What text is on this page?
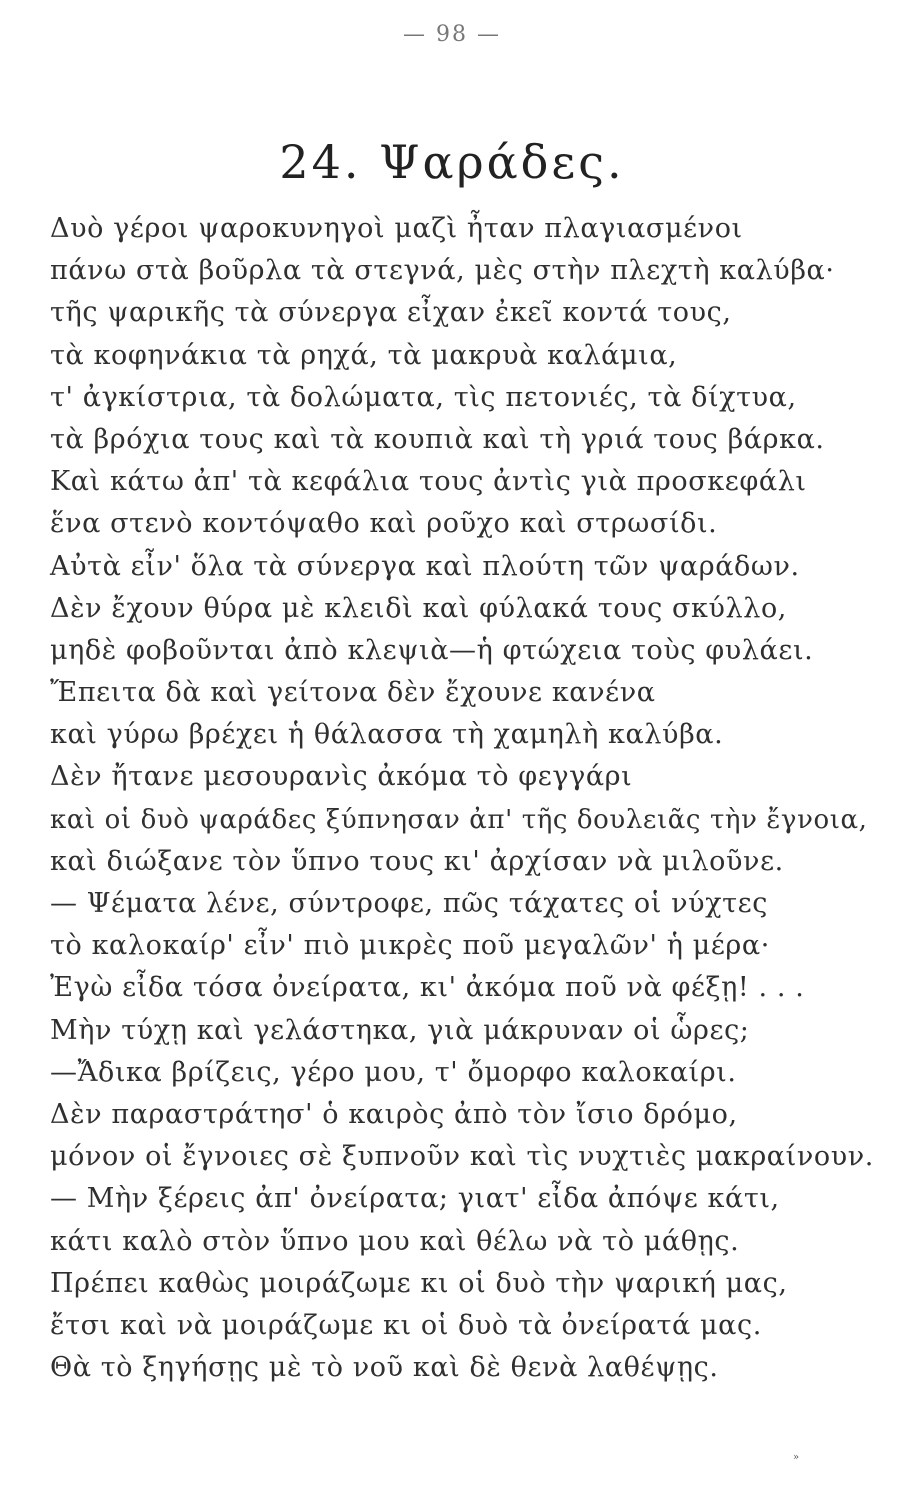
— 98 —
24. Ψαράδες.
Δυὸ γέροι ψαροκυνηγοὶ μαζὶ ἦταν πλαγιασμένοι
πάνω στὰ βοῦρλα τὰ στεγνά, μὲς στὴν πλεχτὴ καλύβα·
τῆς ψαρικῆς τὰ σύνεργα εἶχαν ἐκεῖ κοντά τους,
τὰ κοφηνάκια τὰ ρηχά, τὰ μακρυὰ καλάμια,
τ' ἀγκίστρια, τὰ δολώματα, τὶς πετονιές, τὰ δίχτυα,
τὰ βρόχια τους καὶ τὰ κουπιὰ καὶ τὴ γριά τους βάρκα.
Καὶ κάτω ἀπ' τὰ κεφάλια τους ἀντὶς γιὰ προσκεφάλι
ἕνα στενὸ κοντόψαθο καὶ ροῦχο καὶ στρωσίδι.
Αὐτὰ εἶν' ὅλα τὰ σύνεργα καὶ πλούτη τῶν ψαράδων.
Δὲν ἔχουν θύρα μὲ κλειδὶ καὶ φύλακά τους σκύλλο,
μηδὲ φοβοῦνται ἀπὸ κλεψιὰ—ἡ φτώχεια τοὺς φυλάει.
Ἔπειτα δὰ καὶ γείτονα δὲν ἔχουνε κανένα
καὶ γύρω βρέχει ἡ θάλασσα τὴ χαμηλὴ καλύβα.
Δὲν ἤτανε μεσουρανὶς ἀκόμα τὸ φεγγάρι
καὶ οἱ δυὸ ψαράδες ξύπνησαν ἀπ' τῆς δουλειᾶς τὴν ἔγνοια,
καὶ διώξανε τὸν ὕπνο τους κι' ἀρχίσαν νὰ μιλοῦνε.
— Ψέματα λένε, σύντροφε, πῶς τάχατες οἱ νύχτες
τὸ καλοκαίρ' εἶν' πιὸ μικρὲς ποῦ μεγαλῶν' ἡ μέρα·
Ἐγὼ εἶδα τόσα ὀνείρατα, κι' ἀκόμα ποῦ νὰ φέξῃ! . . .
Μὴν τύχῃ καὶ γελάστηκα, γιὰ μάκρυναν οἱ ὧρες;
—Ἄδικα βρίζεις, γέρο μου, τ' ὄμορφο καλοκαίρι.
Δὲν παραστράτησ' ὁ καιρὸς ἀπὸ τὸν ἴσιο δρόμο,
μόνον οἱ ἔγνοιες σὲ ξυπνοῦν καὶ τὶς νυχτιὲς μακραίνουν.
— Μὴν ξέρεις ἀπ' ὀνείρατα; γιατ' εἶδα ἀπόψε κάτι,
κάτι καλὸ στὸν ὕπνο μου καὶ θέλω νὰ τὸ μάθῃς.
Πρέπει καθὼς μοιράζωμε κι οἱ δυὸ τὴν ψαρική μας,
ἔτσι καὶ νὰ μοιράζωμε κι οἱ δυὸ τὰ ὀνείρατά μας.
Θὰ τὸ ξηγήσῃς μὲ τὸ νοῦ καὶ δὲ θενὰ λαθέψῃς.
»
